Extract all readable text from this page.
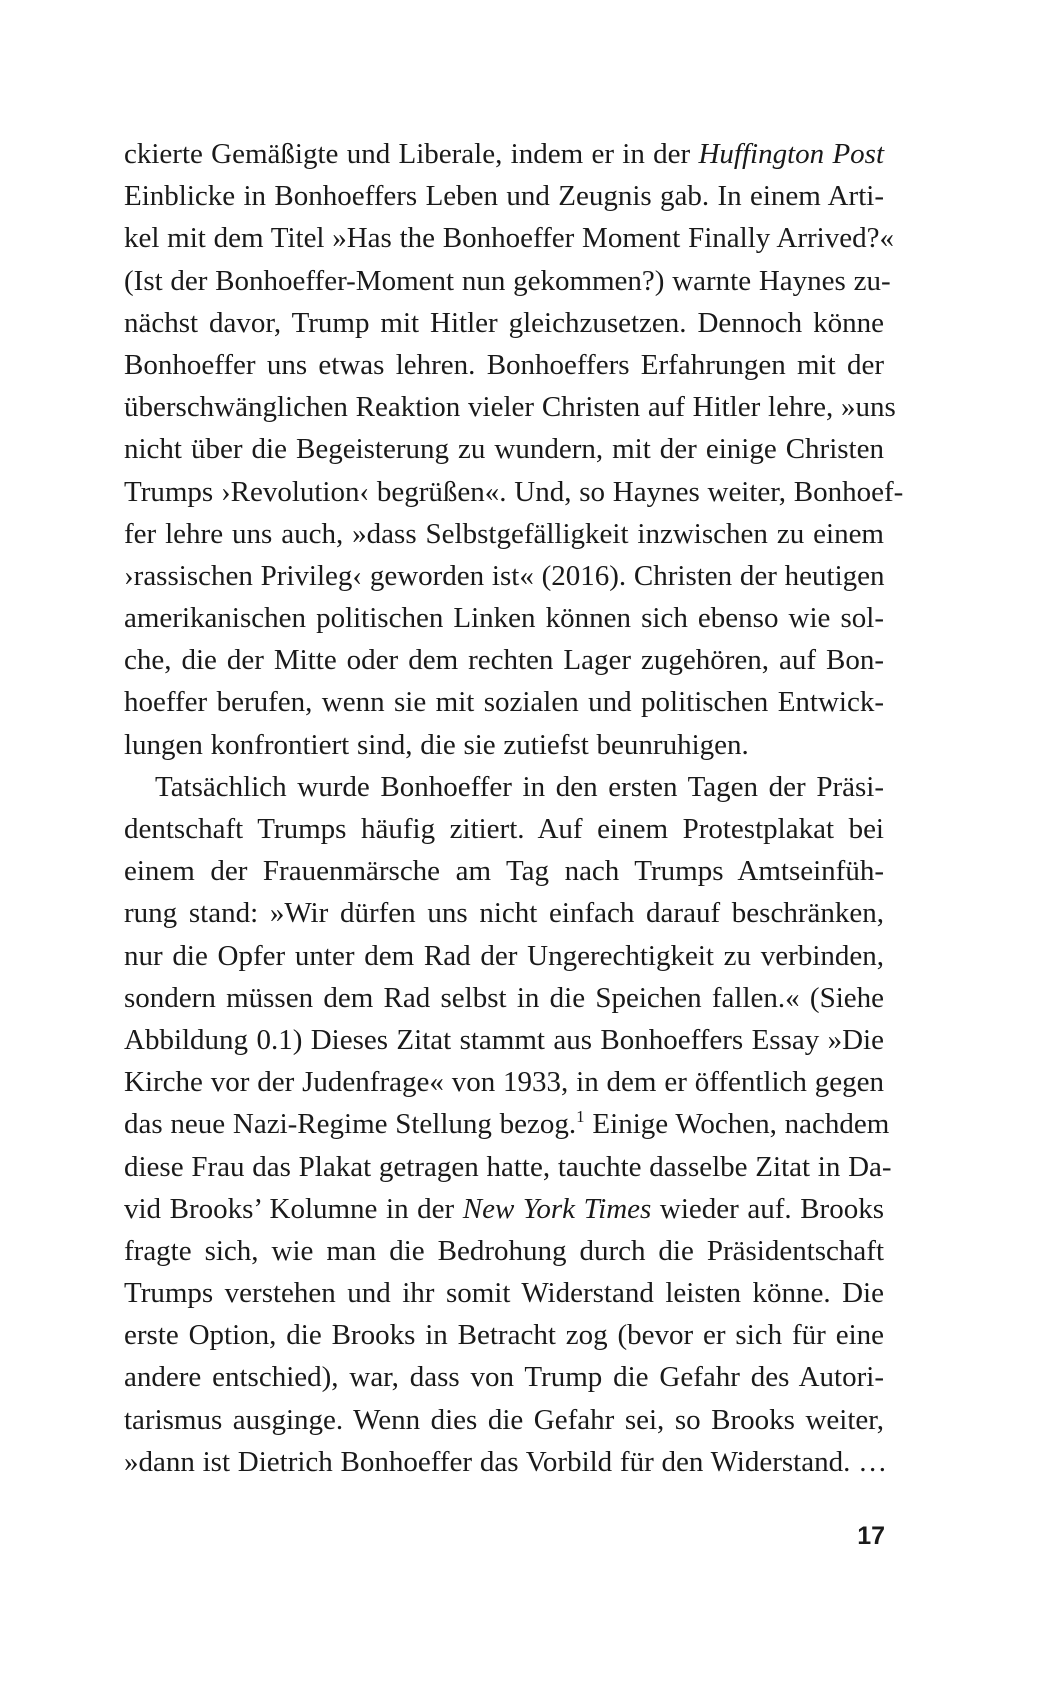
ckierte Gemäßigte und Liberale, indem er in der Huffington Post
Einblicke in Bonhoeffers Leben und Zeugnis gab. In einem Arti-
kel mit dem Titel »Has the Bonhoeffer Moment Finally Arrived?«
(Ist der Bonhoeffer-Moment nun gekommen?) warnte Haynes zu-
nächst davor, Trump mit Hitler gleichzusetzen. Dennoch könne
Bonhoeffer uns etwas lehren. Bonhoeffers Erfahrungen mit der
überschwänglichen Reaktion vieler Christen auf Hitler lehre, »uns
nicht über die Begeisterung zu wundern, mit der einige Christen
Trumps ›Revolution‹ begrüßen«. Und, so Haynes weiter, Bonhoef-
fer lehre uns auch, »dass Selbstgefälligkeit inzwischen zu einem
›rassischen Privileg‹ geworden ist« (2016). Christen der heutigen
amerikanischen politischen Linken können sich ebenso wie sol-
che, die der Mitte oder dem rechten Lager zugehören, auf Bon-
hoeffer berufen, wenn sie mit sozialen und politischen Entwick-
lungen konfrontiert sind, die sie zutiefst beunruhigen.
Tatsächlich wurde Bonhoeffer in den ersten Tagen der Präsi-
dentschaft Trumps häufig zitiert. Auf einem Protestplakat bei
einem der Frauenmärsche am Tag nach Trumps Amtseinfüh-
rung stand: »Wir dürfen uns nicht einfach darauf beschränken,
nur die Opfer unter dem Rad der Ungerechtigkeit zu verbinden,
sondern müssen dem Rad selbst in die Speichen fallen.« (Siehe
Abbildung 0.1) Dieses Zitat stammt aus Bonhoeffers Essay »Die
Kirche vor der Judenfrage« von 1933, in dem er öffentlich gegen
das neue Nazi-Regime Stellung bezog.$^1$ Einige Wochen, nachdem
diese Frau das Plakat getragen hatte, tauchte dasselbe Zitat in Da-
vid Brooks’ Kolumne in der New York Times wieder auf. Brooks
fragte sich, wie man die Bedrohung durch die Präsidentschaft
Trumps verstehen und ihr somit Widerstand leisten könne. Die
erste Option, die Brooks in Betracht zog (bevor er sich für eine
andere entschied), war, dass von Trump die Gefahr des Autori-
tarismus ausginge. Wenn dies die Gefahr sei, so Brooks weiter,
»dann ist Dietrich Bonhoeffer das Vorbild für den Widerstand. …
17
